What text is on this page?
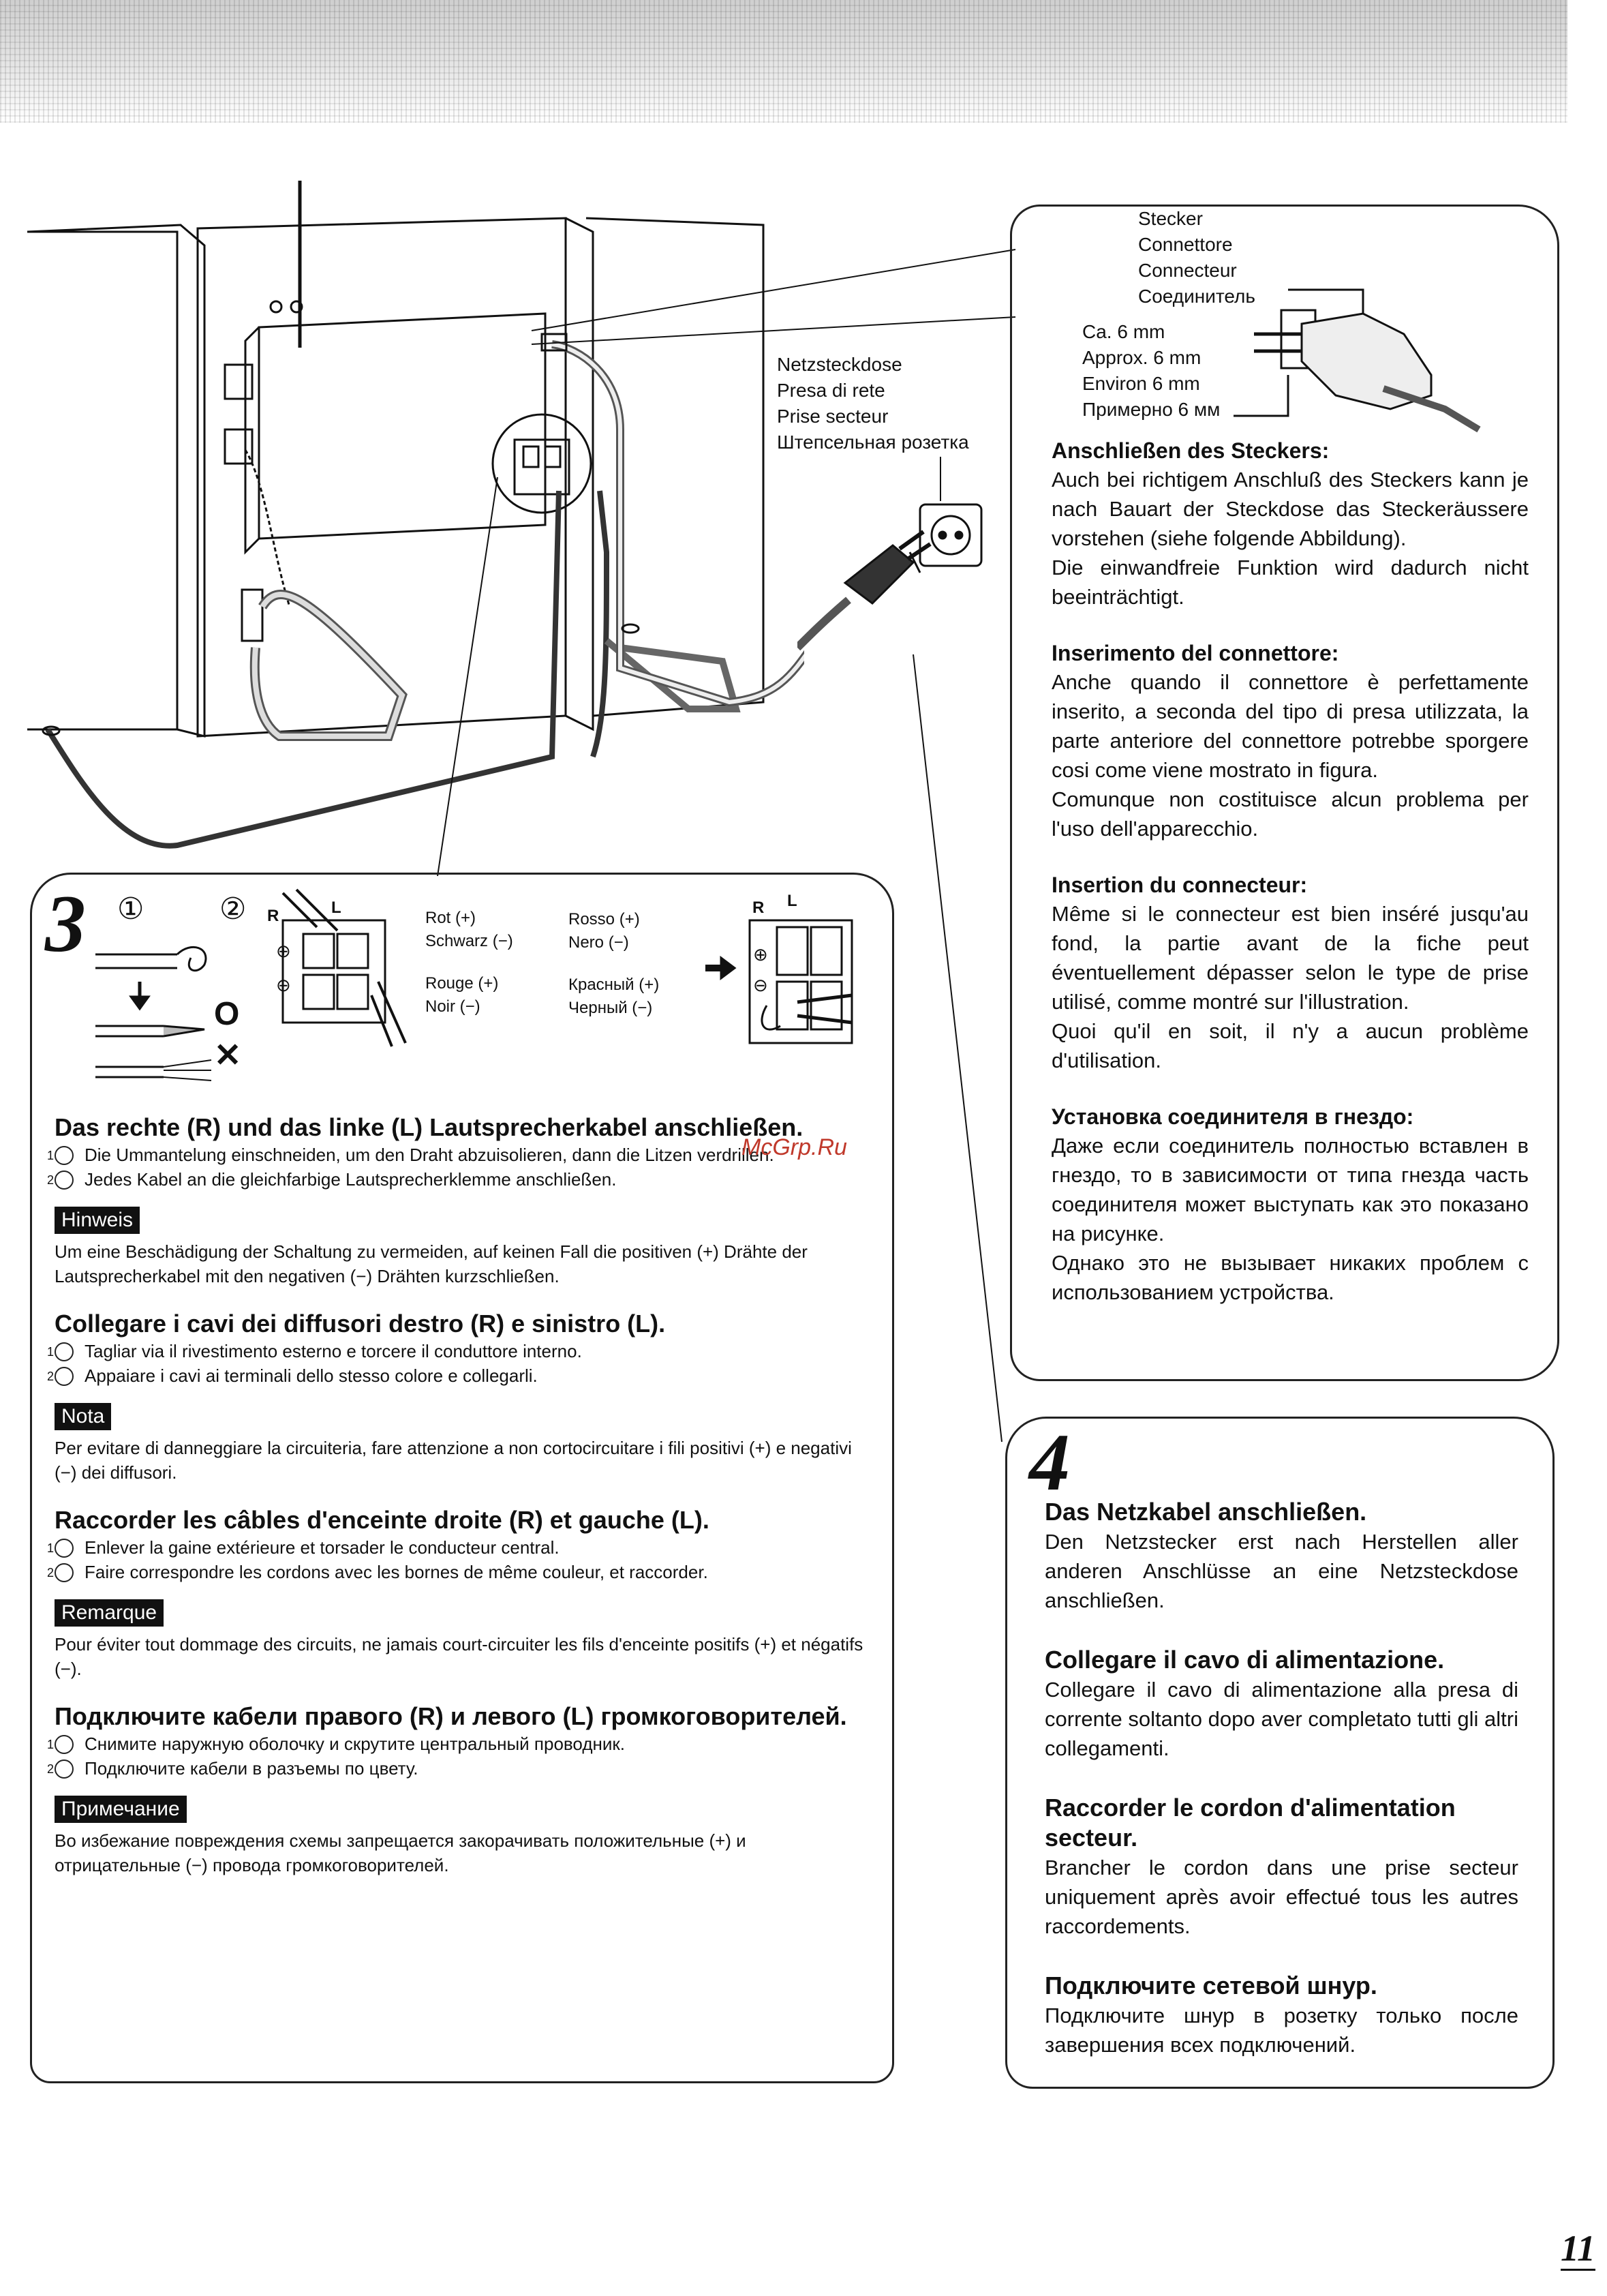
Stecker
Connettore
Connecteur
Соединитель
Ca. 6 mm
Approx. 6 mm
Environ 6 mm
Примерно 6 мм
Netzsteckdose
Presa di rete
Prise secteur
Штепсельная розетка	Anschließen des Steckers:

Auch bei richtigem Anschluß des Steckers kann je nach Bauart der Steckdose das Steckeräussere vorstehen (siehe folgende Abbildung).

Die einwandfreie Funktion wird dadurch nicht beeinträchtigt.

Inserimento del connettore:

Anche quando il connettore è perfettamente inserito, a seconda del tipo di presa utilizzata, la parte anteriore del connettore potrebbe sporgere cosi come viene mostrato in figura.

Comunque non costituisce alcun problema per l'uso dell'apparecchio.

Insertion du connecteur:

Même si le connecteur est bien inséré jusqu'au fond, la partie avant de la fiche peut éventuellement dépasser selon le type de prise utilisé, comme montré sur l'illustration.

Quoi qu'il en soit, il n'y a aucun problème d'utilisation.

Установка соединителя в гнездо:

Даже если соединитель полностью вставлен в гнездо, то в зависимости от типа гнезда часть соединителя может выступать как это показано на рисунке.

Однако это не вызывает никаких проблем с использованием устройства.

3 ①	② R	L
O
✕
⊕
⊖
Rot (+)
Schwarz (−)
Rosso (+)
Nero (−)
Rouge (+)
Noir (−)
Красный (+)
Черный (−)
R L
⊕
⊖

Das rechte (R) und das linke (L) Lautsprecherkabel anschließen.

1 Die Ummantelung einschneiden, um den Draht abzuisolieren, dann die Litzen verdrillen.

2 Jedes Kabel an die gleichfarbige Lautsprecherklemme anschließen.

Hinweis

Um eine Beschädigung der Schaltung zu vermeiden, auf keinen Fall die positiven (+) Drähte der Lautsprecherkabel mit den negativen (−) Drähten kurzschließen.

Collegare i cavi dei diffusori destro (R) e sinistro (L).

1 Tagliar via il rivestimento esterno e torcere il conduttore interno.

2 Appaiare i cavi ai terminali dello stesso colore e collegarli.

Nota

Per evitare di danneggiare la circuiteria, fare attenzione a non cortocircuitare i fili positivi (+) e negativi (−) dei diffusori.

Raccorder les câbles d'enceinte droite (R) et gauche (L).

1 Enlever la gaine extérieure et torsader le conducteur central.

2 Faire correspondre les cordons avec les bornes de même couleur, et raccorder.

Remarque

Pour éviter tout dommage des circuits, ne jamais court-circuiter les fils d'enceinte positifs (+) et négatifs (−).

Подключите кабели правого (R) и левого (L) громкоговорителей.

1 Снимите наружную оболочку и скрутите центральный проводник.

2 Подключите кабели в разъемы по цвету.

Примечание

Во избежание повреждения схемы запрещается закорачивать положительные (+) и отрицательные (−) провода громкоговорителей.

McGrp.Ru
4

Das Netzkabel anschließen.

Den Netzstecker erst nach Herstellen aller anderen Anschlüsse an eine Netzsteckdose anschließen.

Collegare il cavo di alimentazione.

Collegare il cavo di alimentazione alla presa di corrente soltanto dopo aver completato tutti gli altri collegamenti.

Raccorder le cordon d'alimentation secteur.

Brancher le cordon dans une prise secteur uniquement après avoir effectué tous les autres raccordements.

Подключите сетевой шнур.

Подключите шнур в розетку только после завершения всех подключений.

11
